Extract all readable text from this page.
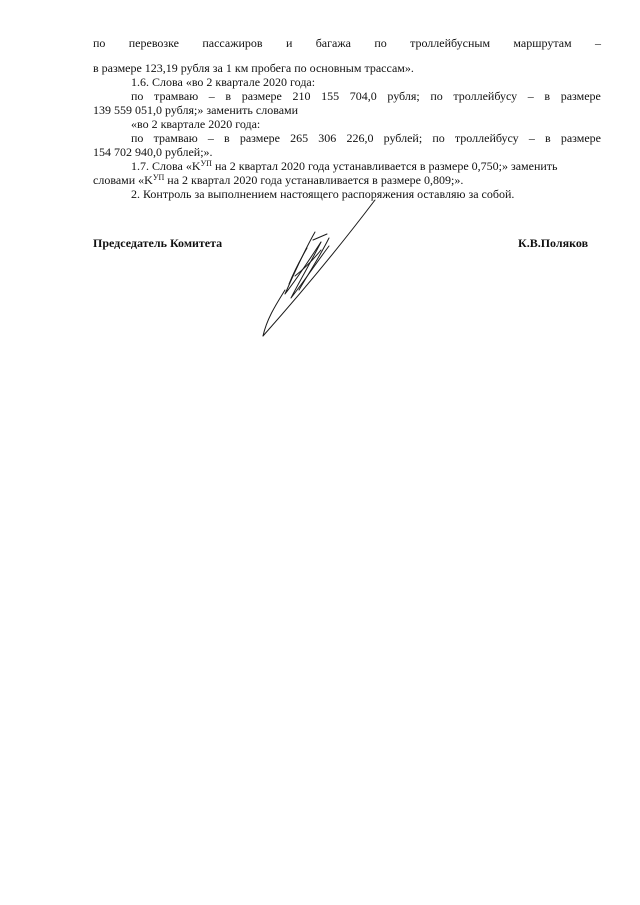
по перевозке пассажиров и багажа по троллейбусным маршрутам –
в размере 123,19 рубля за 1 км пробега по основным трассам».
1.6. Слова «во 2 квартале 2020 года:
по трамваю – в размере 210 155 704,0 рубля; по троллейбусу – в размере
139 559 051,0 рубля;» заменить словами
«во 2 квартале 2020 года:
по трамваю – в размере 265 306 226,0 рублей; по троллейбусу – в размере
154 702 940,0 рублей;».
1.7. Слова «$K^{УП}$ на 2 квартал 2020 года устанавливается в размере 0,750;» заменить
словами «$K^{УП}$ на 2 квартал 2020 года устанавливается в размере 0,809;».
2. Контроль за выполнением настоящего распоряжения оставляю за собой.
Председатель Комитета	К.В.Поляков
